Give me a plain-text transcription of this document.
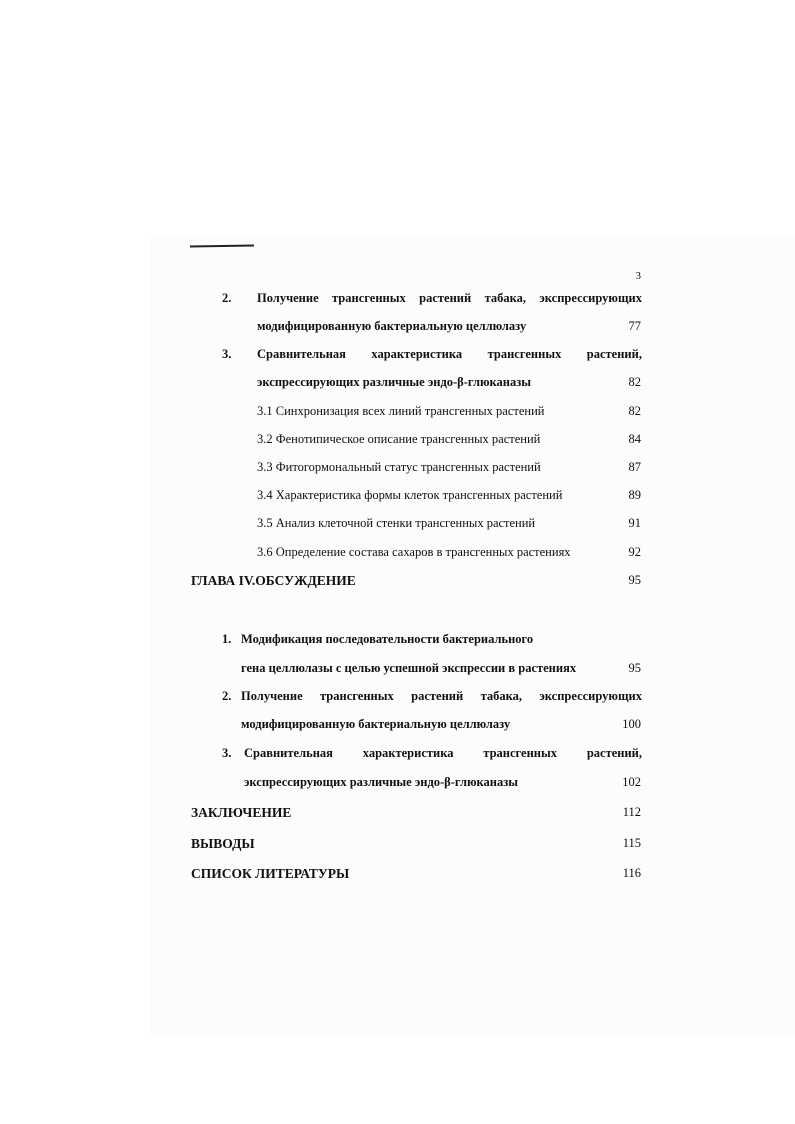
3
2. Получение трансгенных растений табака, экспрессирующих
модифицированную бактериальную целлюлазу	77
3. Сравнительная характеристика трансгенных растений,
экспрессирующих различные эндо-β-глюканазы	82
3.1 Синхронизация всех линий трансгенных растений	82
3.2 Фенотипическое описание трансгенных растений	84
3.3 Фитогормональный статус трансгенных растений	87
3.4 Характеристика формы клеток трансгенных растений	89
3.5 Анализ клеточной стенки трансгенных растений	91
3.6 Определение состава сахаров в трансгенных растениях	92
ГЛАВА IV.ОБСУЖДЕНИЕ	95
1. Модификация последовательности бактериального
гена целлюлазы с целью успешной экспрессии в растениях	95
2. Получение трансгенных растений табака, экспрессирующих
модифицированную бактериальную целлюлазу	100
3. Сравнительная характеристика трансгенных растений,
экспрессирующих различные эндо-β-глюканазы	102
ЗАКЛЮЧЕНИЕ	112
ВЫВОДЫ	115
СПИСОК ЛИТЕРАТУРЫ	116
